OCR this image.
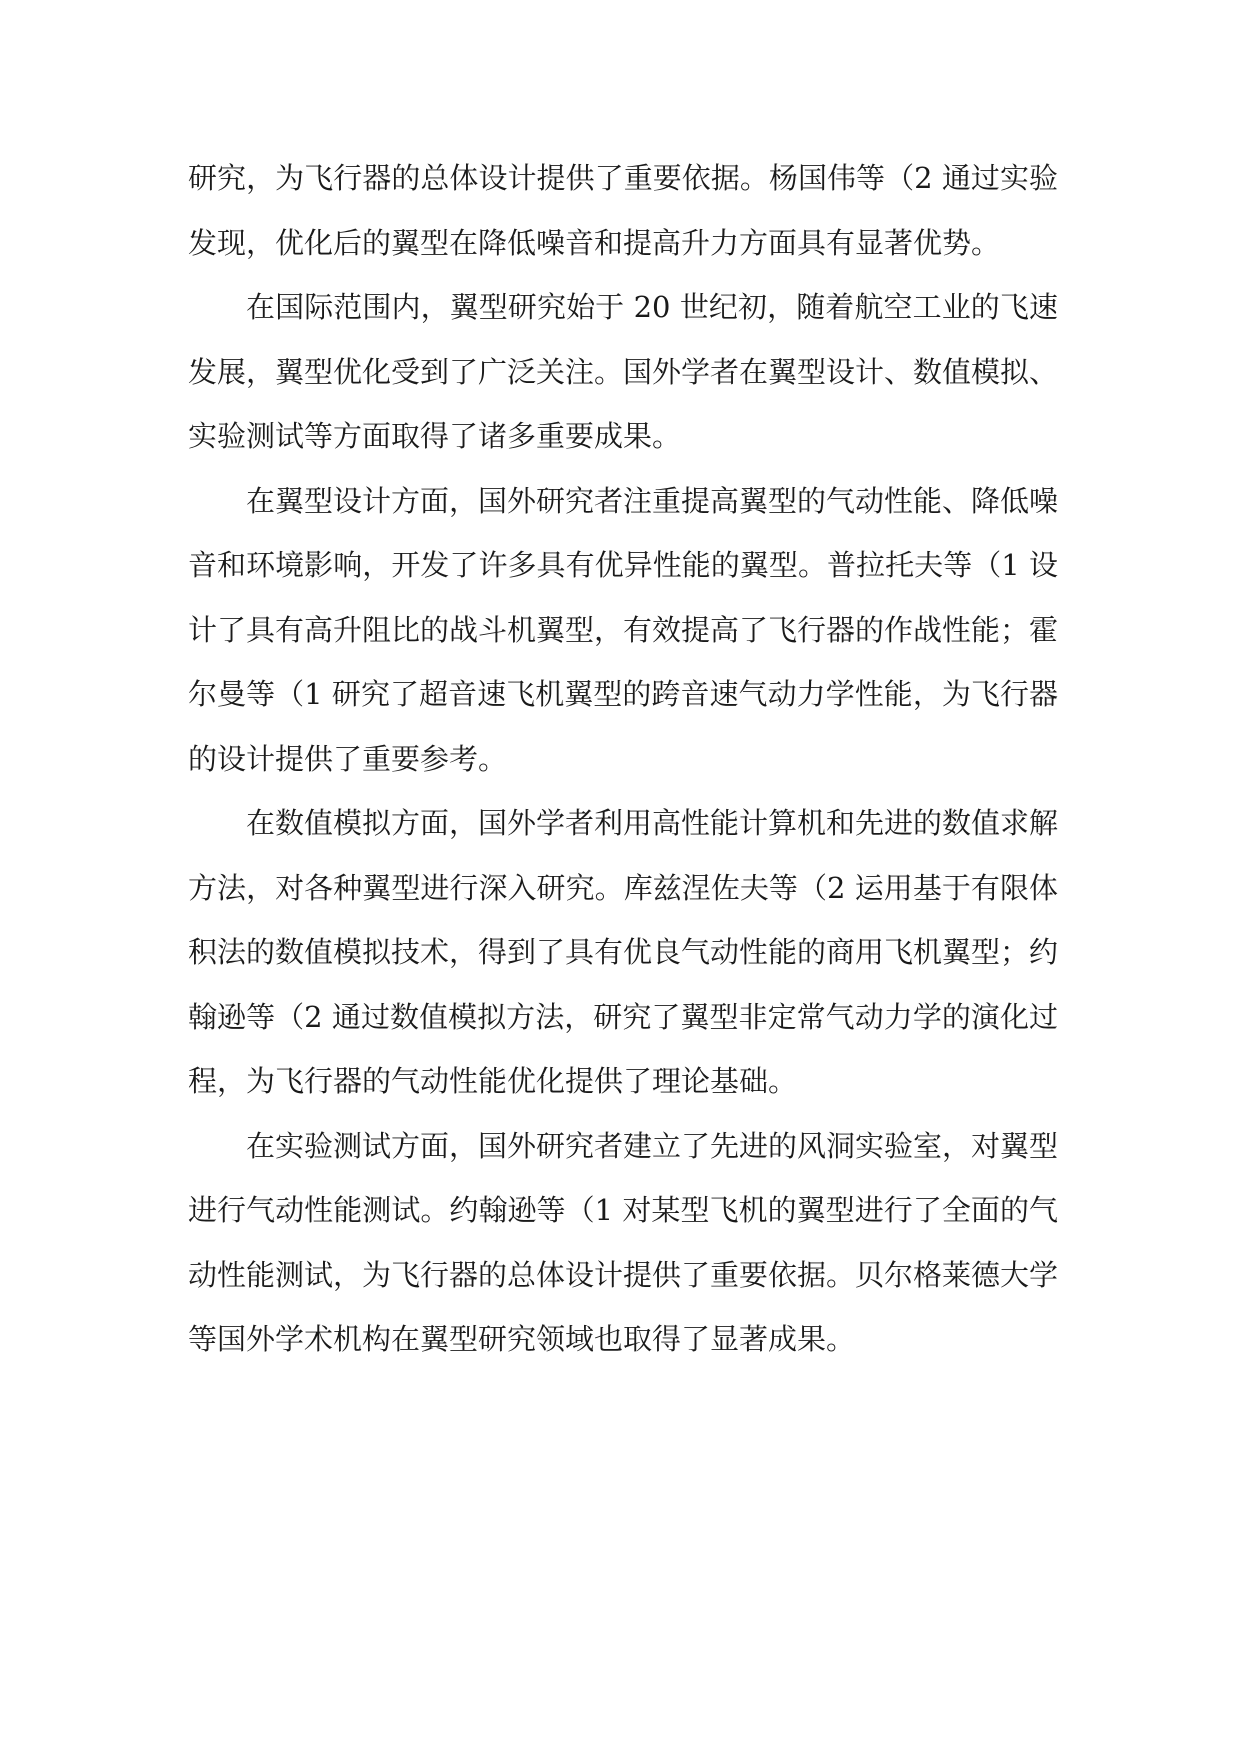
研究，为飞行器的总体设计提供了重要依据。杨国伟等（2 通过实验发现，优化后的翼型在降低噪音和提高升力方面具有显著优势。

在国际范围内，翼型研究始于 20 世纪初，随着航空工业的飞速发展，翼型优化受到了广泛关注。国外学者在翼型设计、数值模拟、实验测试等方面取得了诸多重要成果。

在翼型设计方面，国外研究者注重提高翼型的气动性能、降低噪音和环境影响，开发了许多具有优异性能的翼型。普拉托夫等（1 设计了具有高升阻比的战斗机翼型，有效提高了飞行器的作战性能；霍尔曼等（1 研究了超音速飞机翼型的跨音速气动力学性能，为飞行器的设计提供了重要参考。

在数值模拟方面，国外学者利用高性能计算机和先进的数值求解方法，对各种翼型进行深入研究。库兹涅佐夫等（2 运用基于有限体积法的数值模拟技术，得到了具有优良气动性能的商用飞机翼型；约翰逊等（2 通过数值模拟方法，研究了翼型非定常气动力学的演化过程，为飞行器的气动性能优化提供了理论基础。

在实验测试方面，国外研究者建立了先进的风洞实验室，对翼型进行气动性能测试。约翰逊等（1 对某型飞机的翼型进行了全面的气动性能测试，为飞行器的总体设计提供了重要依据。贝尔格莱德大学等国外学术机构在翼型研究领域也取得了显著成果。
